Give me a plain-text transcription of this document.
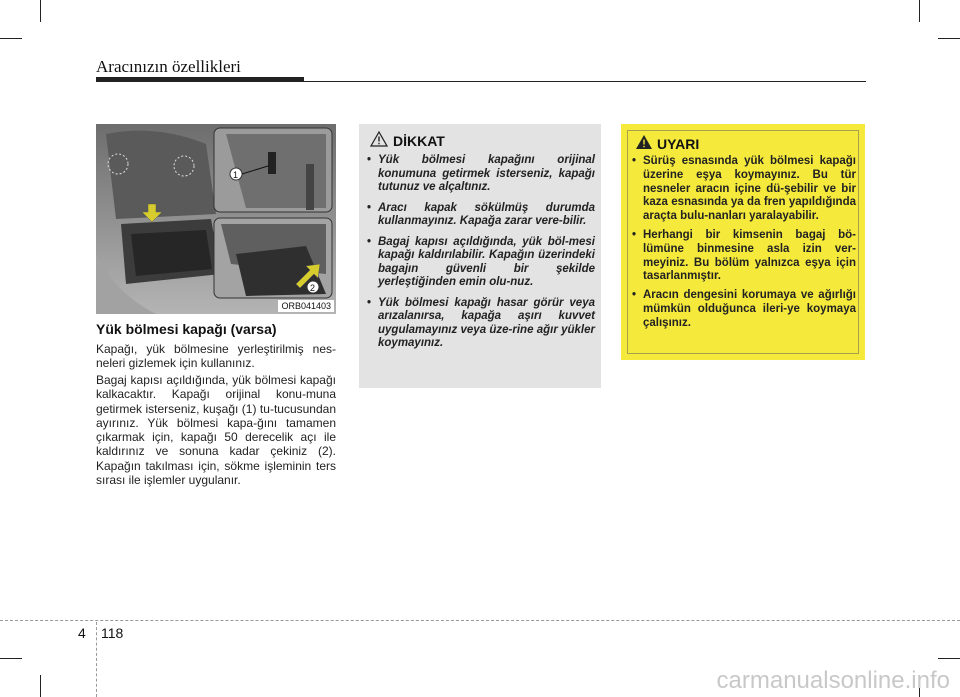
Aracınızın özellikleri
1
2
ORB041403
Yük bölmesi kapağı (varsa)
Kapağı, yük bölmesine yerleştirilmiş nes-neleri gizlemek için kullanınız.
Bagaj kapısı açıldığında, yük bölmesi kapağı kalkacaktır. Kapağı orijinal konu-muna getirmek isterseniz, kuşağı (1) tu-tucusundan ayırınız. Yük bölmesi kapa-ğını tamamen çıkarmak için, kapağı 50 derecelik açı ile kaldırınız ve sonuna kadar çekiniz (2). Kapağın takılması için, sökme işleminin ters sırası ile işlemler uygulanır.
DİKKAT
• Yük bölmesi kapağını orijinal konumuna getirmek isterseniz, kapağı tutunuz ve alçaltınız.
• Aracı kapak sökülmüş durumda kullanmayınız. Kapağa zarar vere-bilir.
• Bagaj kapısı açıldığında, yük böl-mesi kapağı kaldırılabilir. Kapağın üzerindeki bagajın güvenli bir şekilde yerleştiğinden emin olu-nuz.
• Yük bölmesi kapağı hasar görür veya arızalanırsa, kapağa aşırı kuvvet uygulamayınız veya üze-rine ağır yükler koymayınız.
UYARI
• Sürüş esnasında yük bölmesi kapağı üzerine eşya koymayınız. Bu tür nesneler aracın içine dü-şebilir ve bir kaza esnasında ya da fren yapıldığında araçta bulu-nanları yaralayabilir.
• Herhangi bir kimsenin bagaj bö-lümüne binmesine asla izin ver-meyiniz. Bu bölüm yalnızca eşya için tasarlanmıştır.
• Aracın dengesini korumaya ve ağırlığı mümkün olduğunca ileri-ye koymaya çalışınız.
4 118
carmanualsonline.info
